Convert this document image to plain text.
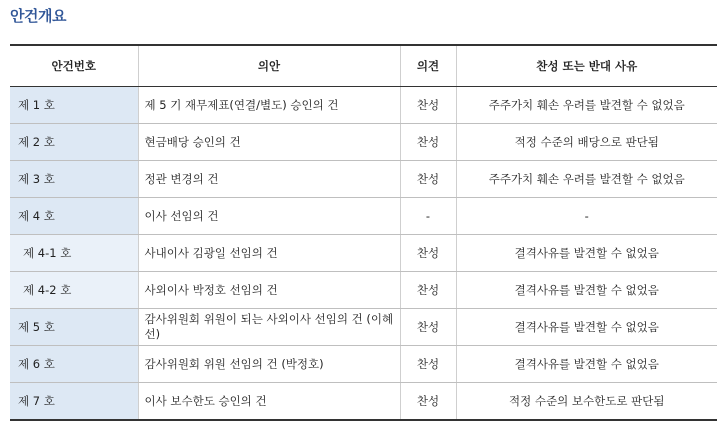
안건개요
안건번호	의안	의견	찬성 또는 반대 사유
제 1 호	제 5 기 재무제표(연결/별도) 승인의 건	찬성	주주가치 훼손 우려를 발견할 수 없었음
제 2 호	현금배당 승인의 건	찬성	적정 수준의 배당으로 판단됨
제 3 호	정관 변경의 건	찬성	주주가치 훼손 우려를 발견할 수 없었음
제 4 호	이사 선임의 건	-	-
제 4-1 호	사내이사 김광일 선임의 건	찬성	결격사유를 발견할 수 없었음
제 4-2 호	사외이사 박정호 선임의 건	찬성	결격사유를 발견할 수 없었음
제 5 호	감사위원회 위원이 되는 사외이사 선임의 건 (이혜선)	찬성	결격사유를 발견할 수 없었음
제 6 호	감사위원회 위원 선임의 건 (박정호)	찬성	결격사유를 발견할 수 없었음
제 7 호	이사 보수한도 승인의 건	찬성	적정 수준의 보수한도로 판단됨
